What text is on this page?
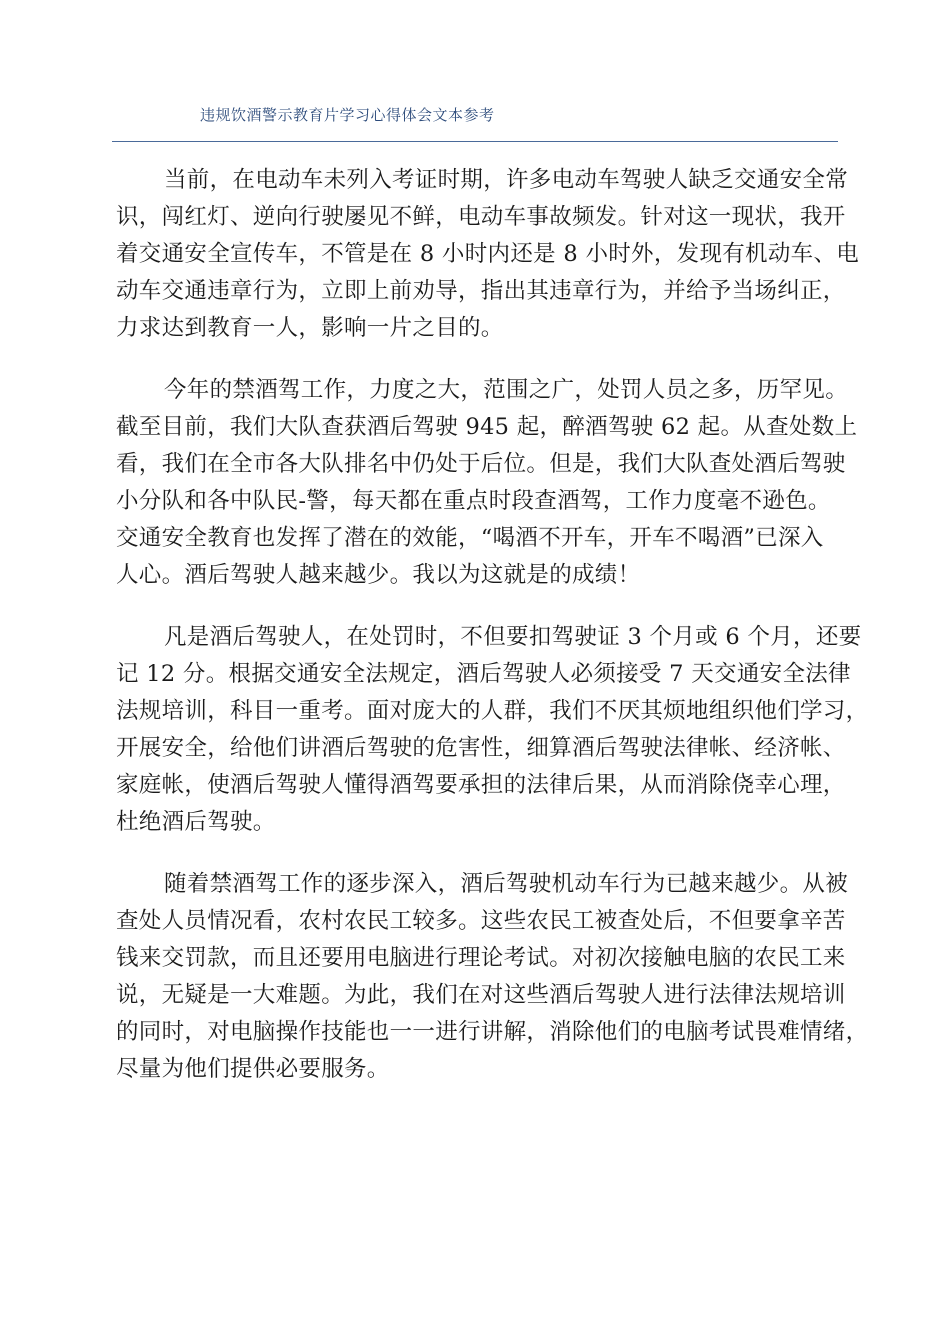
违规饮酒警示教育片学习心得体会文本参考
当前，在电动车未列入考证时期，许多电动车驾驶人缺乏交通安全常
识，闯红灯、逆向行驶屡见不鲜，电动车事故频发。针对这一现状，我开
着交通安全宣传车，不管是在 8 小时内还是 8 小时外，发现有机动车、电
动车交通违章行为，立即上前劝导，指出其违章行为，并给予当场纠正，
力求达到教育一人，影响一片之目的。
今年的禁酒驾工作，力度之大，范围之广，处罚人员之多，历罕见。
截至目前，我们大队查获酒后驾驶 945 起，醉酒驾驶 62 起。从查处数上
看，我们在全市各大队排名中仍处于后位。但是，我们大队查处酒后驾驶
小分队和各中队民-警，每天都在重点时段查酒驾，工作力度毫不逊色。
交通安全教育也发挥了潜在的效能，“喝酒不开车，开车不喝酒”已深入
人心。酒后驾驶人越来越少。我以为这就是的成绩！
凡是酒后驾驶人，在处罚时，不但要扣驾驶证 3 个月或 6 个月，还要
记 12 分。根据交通安全法规定，酒后驾驶人必须接受 7 天交通安全法律
法规培训，科目一重考。面对庞大的人群，我们不厌其烦地组织他们学习，
开展安全，给他们讲酒后驾驶的危害性，细算酒后驾驶法律帐、经济帐、
家庭帐，使酒后驾驶人懂得酒驾要承担的法律后果，从而消除侥幸心理，
杜绝酒后驾驶。
随着禁酒驾工作的逐步深入，酒后驾驶机动车行为已越来越少。从被
查处人员情况看，农村农民工较多。这些农民工被查处后，不但要拿辛苦
钱来交罚款，而且还要用电脑进行理论考试。对初次接触电脑的农民工来
说，无疑是一大难题。为此，我们在对这些酒后驾驶人进行法律法规培训
的同时，对电脑操作技能也一一进行讲解，消除他们的电脑考试畏难情绪，
尽量为他们提供必要服务。
